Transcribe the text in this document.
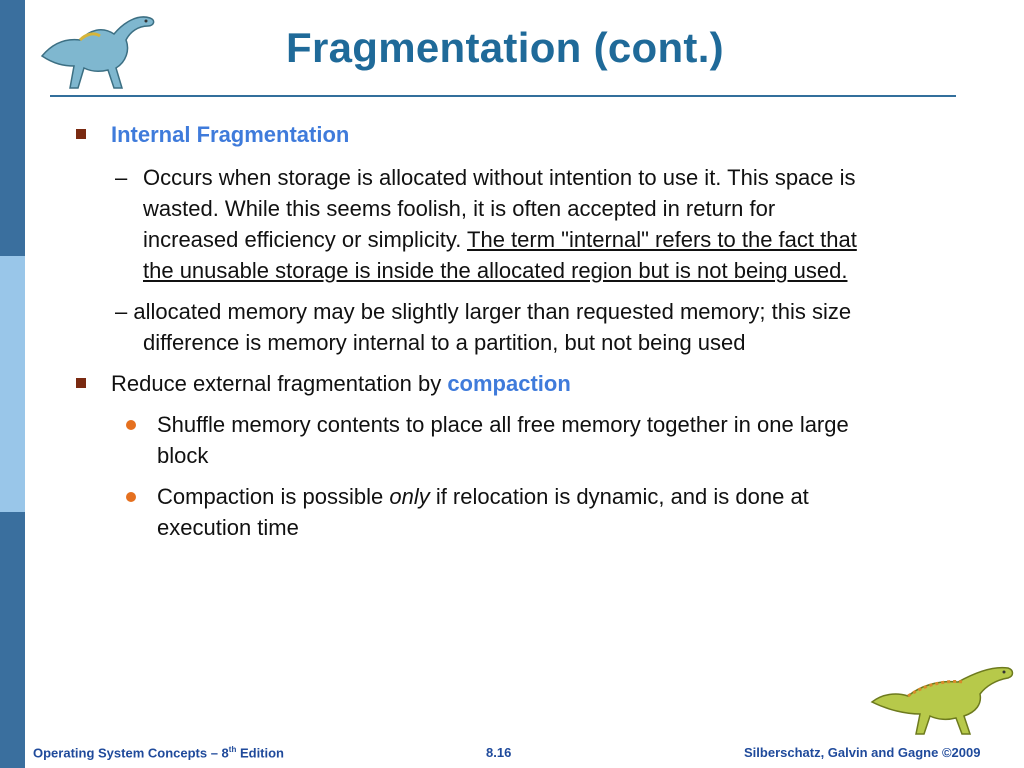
Fragmentation (cont.)
Internal Fragmentation
– Occurs when storage is allocated without intention to use it. This space is
wasted. While this seems foolish, it is often accepted in return for
increased efficiency or simplicity. The term "internal" refers to the fact that
the unusable storage is inside the allocated region but is not being used.
– allocated memory may be slightly larger than requested memory; this size
difference is memory internal to a partition, but not being used
Reduce external fragmentation by compaction
Shuffle memory contents to place all free memory together in one large
block
Compaction is possible only if relocation is dynamic, and is done at
execution time
Operating System Concepts – 8th Edition	8.16	Silberschatz, Galvin and Gagne ©2009
